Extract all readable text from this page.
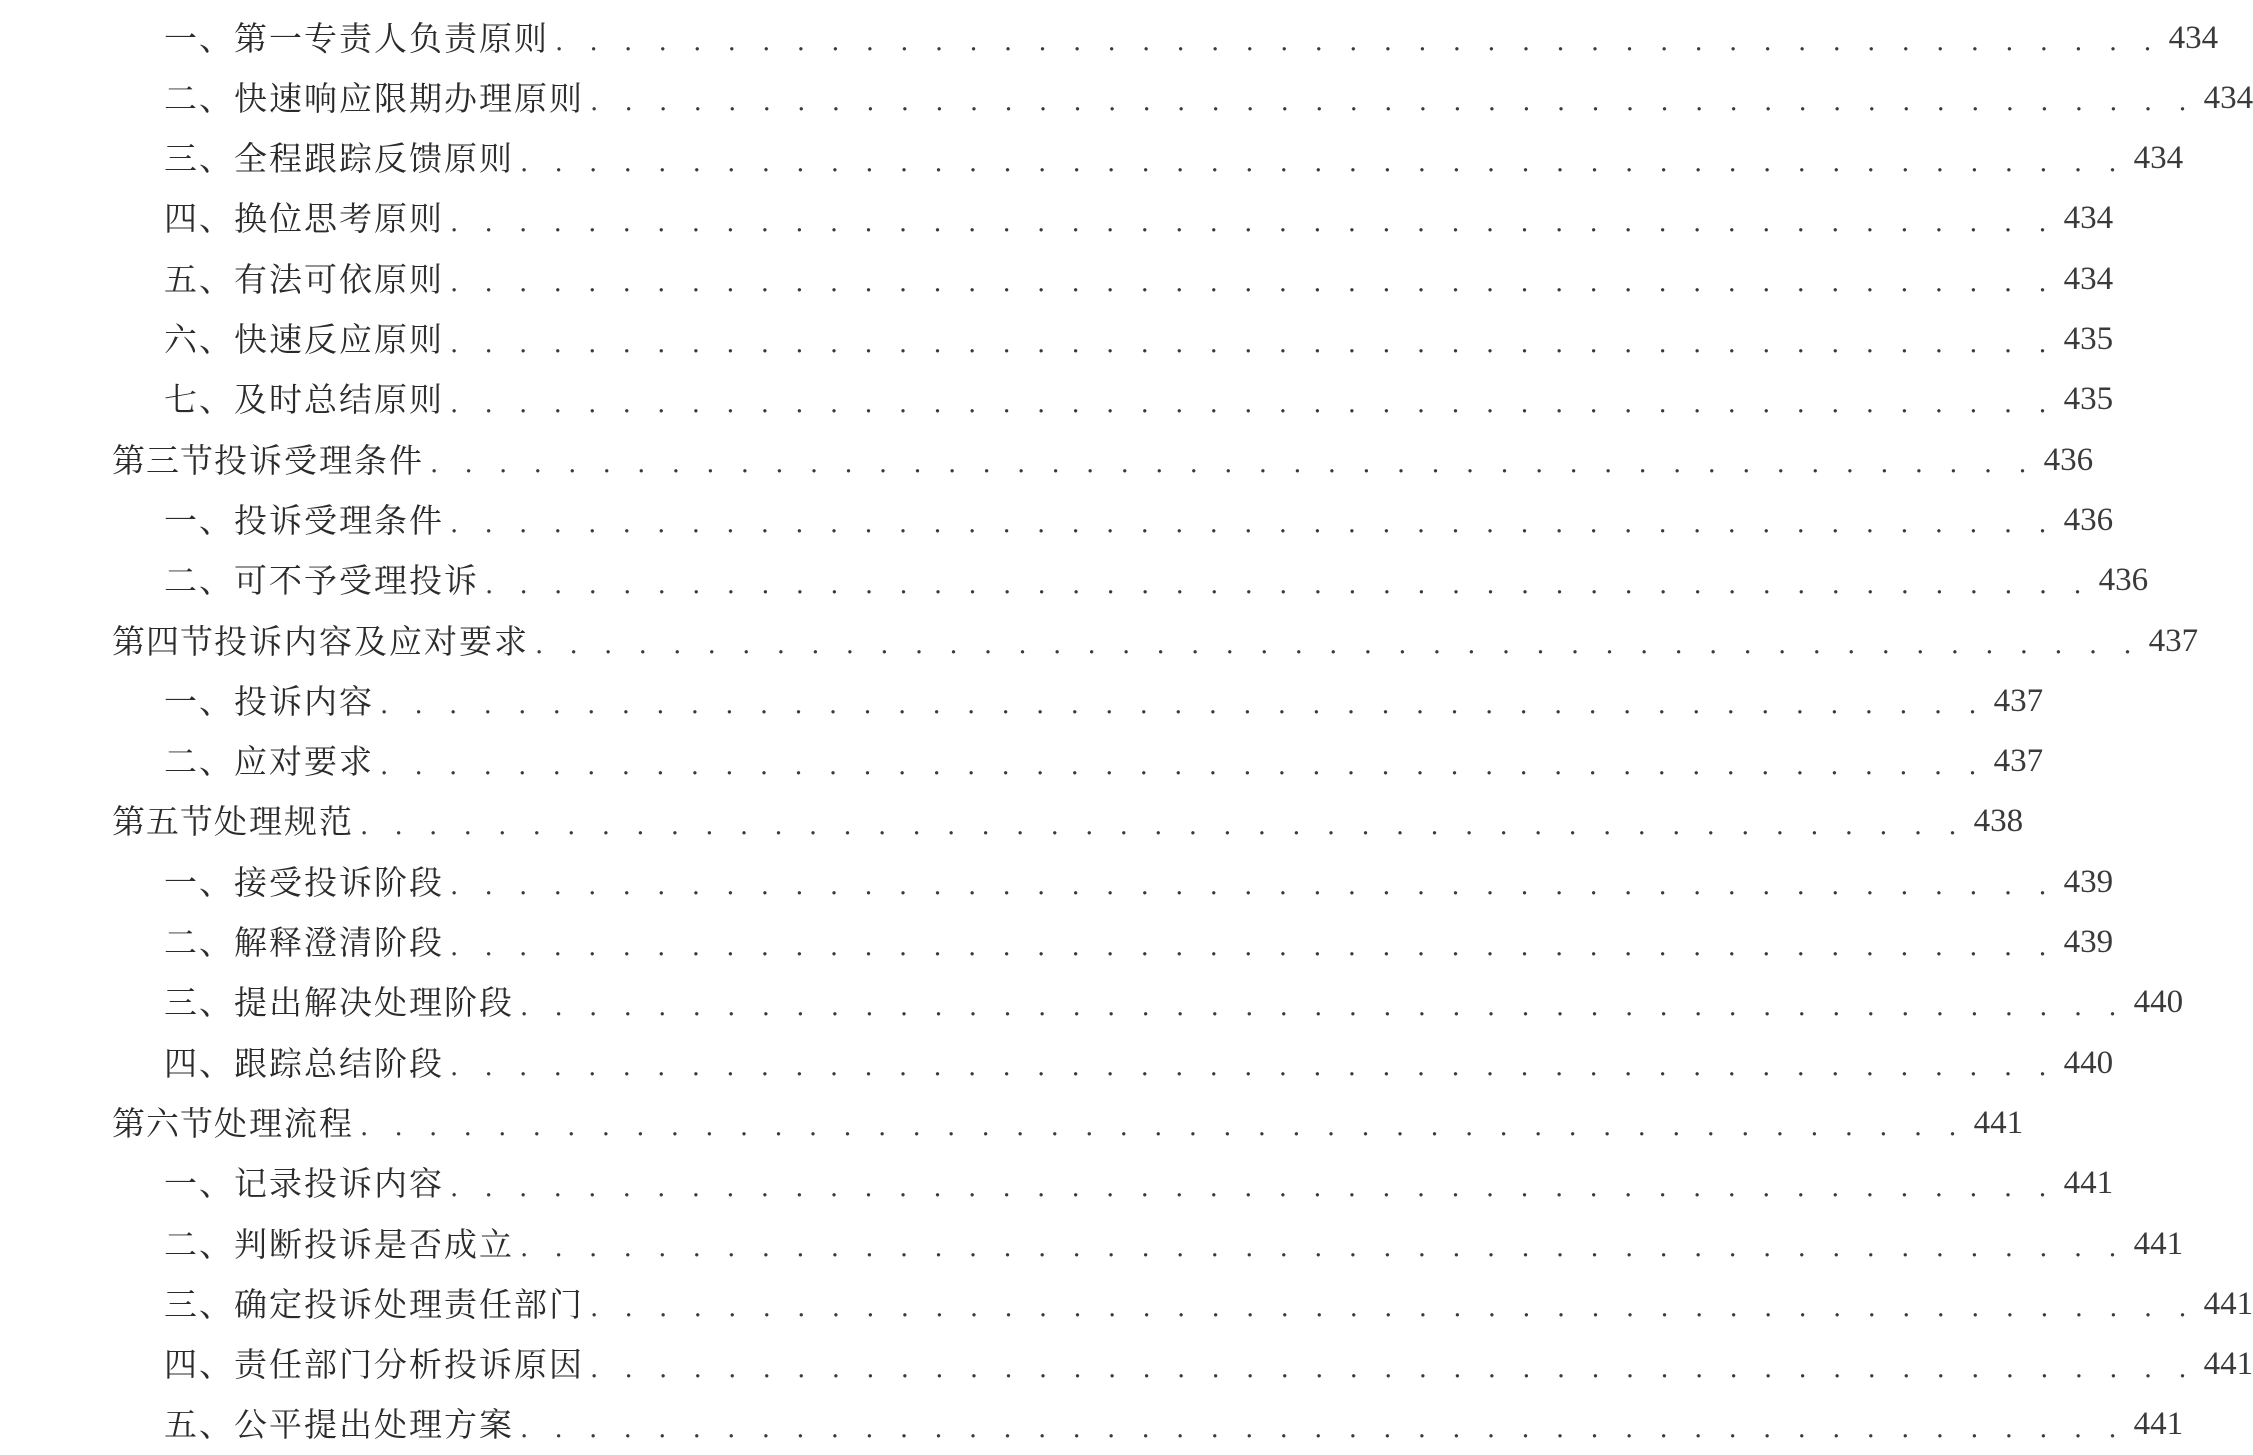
一、 第一专责人负责原则 . . . . . . . . . . . . . . . . . . . . . . . . . . . . . . . . . . . . . . . . . . . . . . . 434
二、 快速响应限期办理原则 . . . . . . . . . . . . . . . . . . . . . . . . . . . . . . . . . . . . . . . . . . . . . . . 434
三、 全程跟踪反馈原则 . . . . . . . . . . . . . . . . . . . . . . . . . . . . . . . . . . . . . . . . . . . . . . . 434
四、 换位思考原则 . . . . . . . . . . . . . . . . . . . . . . . . . . . . . . . . . . . . . . . . . . . . . . . 434
五、 有法可依原则 . . . . . . . . . . . . . . . . . . . . . . . . . . . . . . . . . . . . . . . . . . . . . . . 434
六、 快速反应原则 . . . . . . . . . . . . . . . . . . . . . . . . . . . . . . . . . . . . . . . . . . . . . . . 435
七、 及时总结原则 . . . . . . . . . . . . . . . . . . . . . . . . . . . . . . . . . . . . . . . . . . . . . . . 435
第三节 投诉受理条件 . . . . . . . . . . . . . . . . . . . . . . . . . . . . . . . . . . . . . . . . . . . . . . . 436
一、 投诉受理条件 . . . . . . . . . . . . . . . . . . . . . . . . . . . . . . . . . . . . . . . . . . . . . . . 436
二、 可不予受理投诉 . . . . . . . . . . . . . . . . . . . . . . . . . . . . . . . . . . . . . . . . . . . . . . . 436
第四节 投诉内容及应对要求 . . . . . . . . . . . . . . . . . . . . . . . . . . . . . . . . . . . . . . . . . . . . . . . 437
一、 投诉内容 . . . . . . . . . . . . . . . . . . . . . . . . . . . . . . . . . . . . . . . . . . . . . . . 437
二、 应对要求 . . . . . . . . . . . . . . . . . . . . . . . . . . . . . . . . . . . . . . . . . . . . . . . 437
第五节 处理规范 . . . . . . . . . . . . . . . . . . . . . . . . . . . . . . . . . . . . . . . . . . . . . . . 438
一、 接受投诉阶段 . . . . . . . . . . . . . . . . . . . . . . . . . . . . . . . . . . . . . . . . . . . . . . . 439
二、 解释澄清阶段 . . . . . . . . . . . . . . . . . . . . . . . . . . . . . . . . . . . . . . . . . . . . . . . 439
三、 提出解决处理阶段 . . . . . . . . . . . . . . . . . . . . . . . . . . . . . . . . . . . . . . . . . . . . . . . 440
四、 跟踪总结阶段 . . . . . . . . . . . . . . . . . . . . . . . . . . . . . . . . . . . . . . . . . . . . . . . 440
第六节 处理流程 . . . . . . . . . . . . . . . . . . . . . . . . . . . . . . . . . . . . . . . . . . . . . . . 441
一、 记录投诉内容 . . . . . . . . . . . . . . . . . . . . . . . . . . . . . . . . . . . . . . . . . . . . . . . 441
二、 判断投诉是否成立 . . . . . . . . . . . . . . . . . . . . . . . . . . . . . . . . . . . . . . . . . . . . . . . 441
三、 确定投诉处理责任部门 . . . . . . . . . . . . . . . . . . . . . . . . . . . . . . . . . . . . . . . . . . . . . . . 441
四、 责任部门分析投诉原因 . . . . . . . . . . . . . . . . . . . . . . . . . . . . . . . . . . . . . . . . . . . . . . . 441
五、 公平提出处理方案 . . . . . . . . . . . . . . . . . . . . . . . . . . . . . . . . . . . . . . . . . . . . . . . 441
